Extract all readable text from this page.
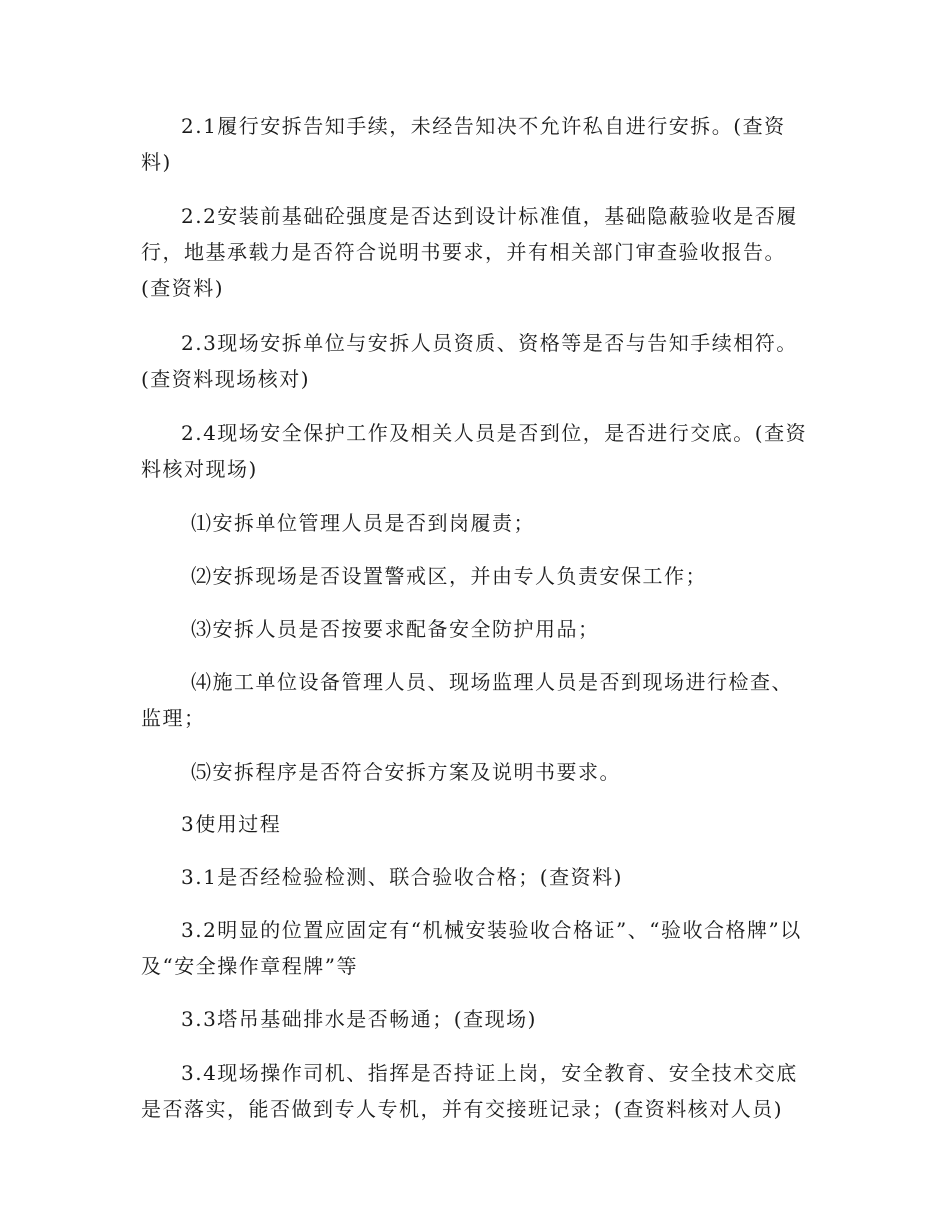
2.1履行安拆告知手续，未经告知决不允许私自进行安拆。(查资料)

2.2安装前基础砼强度是否达到设计标准值，基础隐蔽验收是否履行，地基承载力是否符合说明书要求，并有相关部门审查验收报告。(查资料)

2.3现场安拆单位与安拆人员资质、资格等是否与告知手续相符。(查资料现场核对)

2.4现场安全保护工作及相关人员是否到位，是否进行交底。(查资料核对现场)

⑴安拆单位管理人员是否到岗履责；

⑵安拆现场是否设置警戒区，并由专人负责安保工作；

⑶安拆人员是否按要求配备安全防护用品；

⑷施工单位设备管理人员、现场监理人员是否到现场进行检查、监理；

⑸安拆程序是否符合安拆方案及说明书要求。

3使用过程

3.1是否经检验检测、联合验收合格；(查资料)

3.2明显的位置应固定有“机械安装验收合格证”、“验收合格牌”以及“安全操作章程牌”等

3.3塔吊基础排水是否畅通；(查现场)

3.4现场操作司机、指挥是否持证上岗，安全教育、安全技术交底是否落实，能否做到专人专机，并有交接班记录；(查资料核对人员)
